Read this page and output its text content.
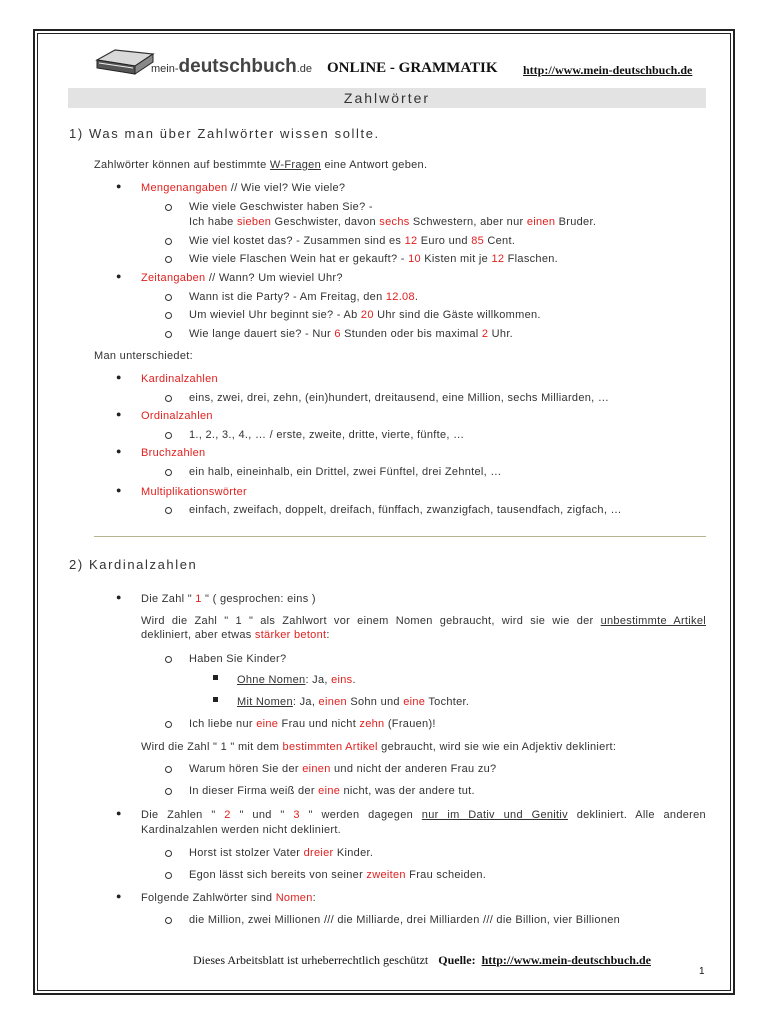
mein-deutschbuch.de ONLINE - GRAMMATIK http://www.mein-deutschbuch.de
Zahlwörter
1) Was man über Zahlwörter wissen sollte.
Zahlwörter können auf bestimmte W-Fragen eine Antwort geben.
● Mengenangaben // Wie viel? Wie viele?
Wie viele Geschwister haben Sie? -
Ich habe sieben Geschwister, davon sechs Schwestern, aber nur einen Bruder.
Wie viel kostet das? - Zusammen sind es 12 Euro und 85 Cent.
Wie viele Flaschen Wein hat er gekauft? - 10 Kisten mit je 12 Flaschen.
● Zeitangaben // Wann? Um wieviel Uhr?
Wann ist die Party? - Am Freitag, den 12.08.
Um wieviel Uhr beginnt sie? - Ab 20 Uhr sind die Gäste willkommen.
Wie lange dauert sie? - Nur 6 Stunden oder bis maximal 2 Uhr.
Man unterschiedet:
● Kardinalzahlen
eins, zwei, drei, zehn, (ein)hundert, dreitausend, eine Million, sechs Milliarden, …
● Ordinalzahlen
1., 2., 3., 4., … / erste, zweite, dritte, vierte, fünfte, …
● Bruchzahlen
ein halb, eineinhalb, ein Drittel, zwei Fünftel, drei Zehntel, …
● Multiplikationswörter
einfach, zweifach, doppelt, dreifach, fünffach, zwanzigfach, tausendfach, zigfach, …
2) Kardinalzahlen
● Die Zahl " 1 " ( gesprochen: eins )
Wird die Zahl " 1 " als Zahlwort vor einem Nomen gebraucht, wird sie wie der unbestimmte Artikel
dekliniert, aber etwas stärker betont:
Haben Sie Kinder?
Ohne Nomen: Ja, eins.
Mit Nomen: Ja, einen Sohn und eine Tochter.
Ich liebe nur eine Frau und nicht zehn (Frauen)!
Wird die Zahl " 1 " mit dem bestimmten Artikel gebraucht, wird sie wie ein Adjektiv dekliniert:
Warum hören Sie der einen und nicht der anderen Frau zu?
In dieser Firma weiß der eine nicht, was der andere tut.
● Die Zahlen " 2 " und " 3 " werden dagegen nur im Dativ und Genitiv dekliniert. Alle anderen
Kardinalzahlen werden nicht dekliniert.
Horst ist stolzer Vater dreier Kinder.
Egon lässt sich bereits von seiner zweiten Frau scheiden.
● Folgende Zahlwörter sind Nomen:
die Million, zwei Millionen /// die Milliarde, drei Milliarden /// die Billion, vier Billionen
Dieses Arbeitsblatt ist urheberrechtlich geschützt Quelle: http://www.mein-deutschbuch.de
1
